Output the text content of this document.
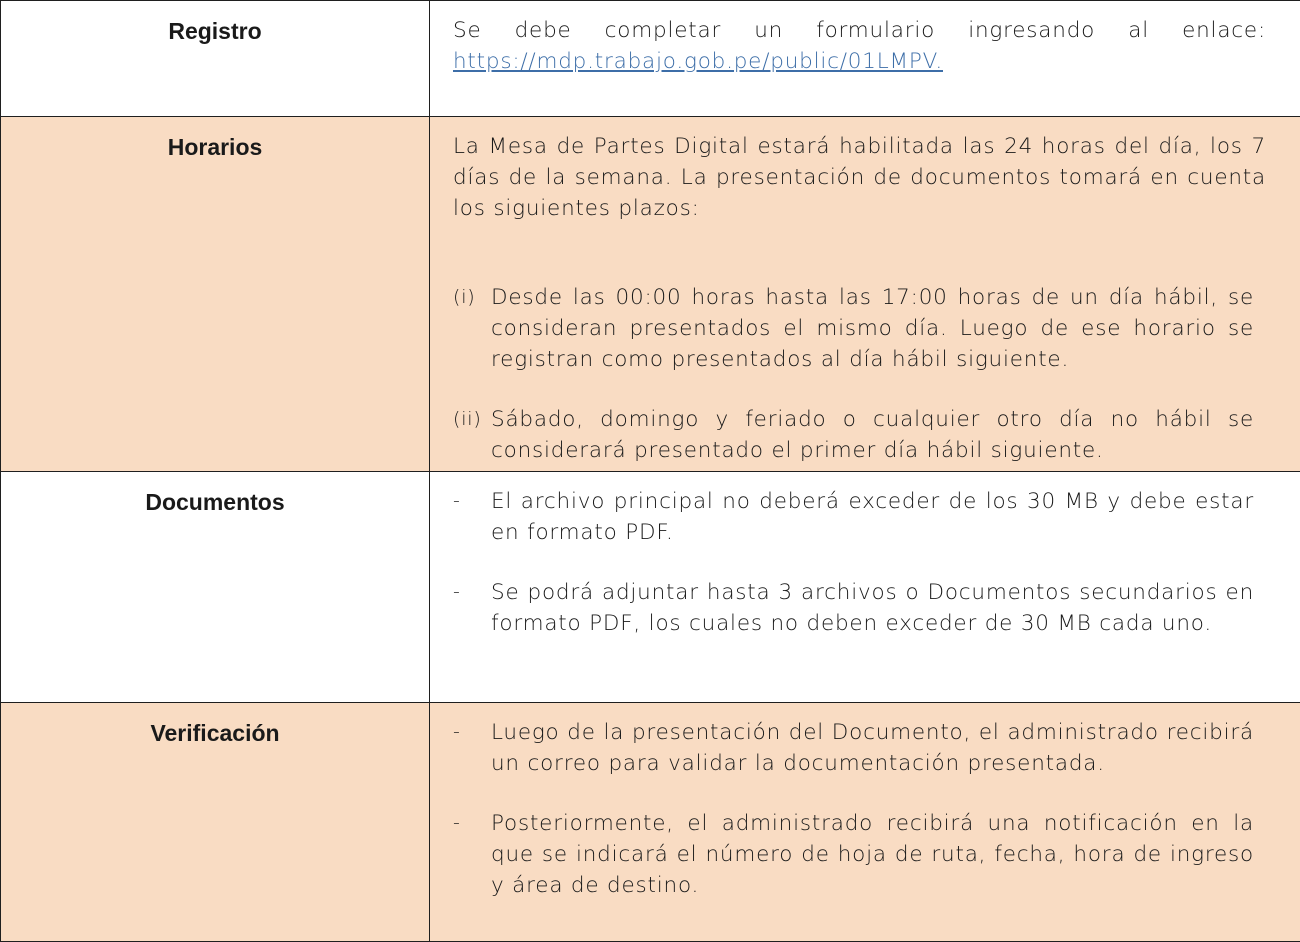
Registro	Se debe completar un formulario ingresando al enlace:

https://mdp.trabajo.gob.pe/public/01LMPV.
Horarios	La Mesa de Partes Digital estará habilitada las 24 horas del día, los 7 días de la semana. La presentación de documentos tomará en cuenta los siguientes plazos:

(i) Desde las 00:00 horas hasta las 17:00 horas de un día hábil, se consideran presentados el mismo día. Luego de ese horario se registran como presentados al día hábil siguiente.
(ii) Sábado, domingo y feriado o cualquier otro día no hábil se considerará presentado el primer día hábil siguiente.

Documentos	- El archivo principal no deberá exceder de los 30 MB y debe estar en formato PDF.
- Se podrá adjuntar hasta 3 archivos o Documentos secundarios en formato PDF, los cuales no deben exceder de 30 MB cada uno.

Verificación	- Luego de la presentación del Documento, el administrado recibirá un correo para validar la documentación presentada.
- Posteriormente, el administrado recibirá una notificación en la que se indicará el número de hoja de ruta, fecha, hora de ingreso y área de destino.
